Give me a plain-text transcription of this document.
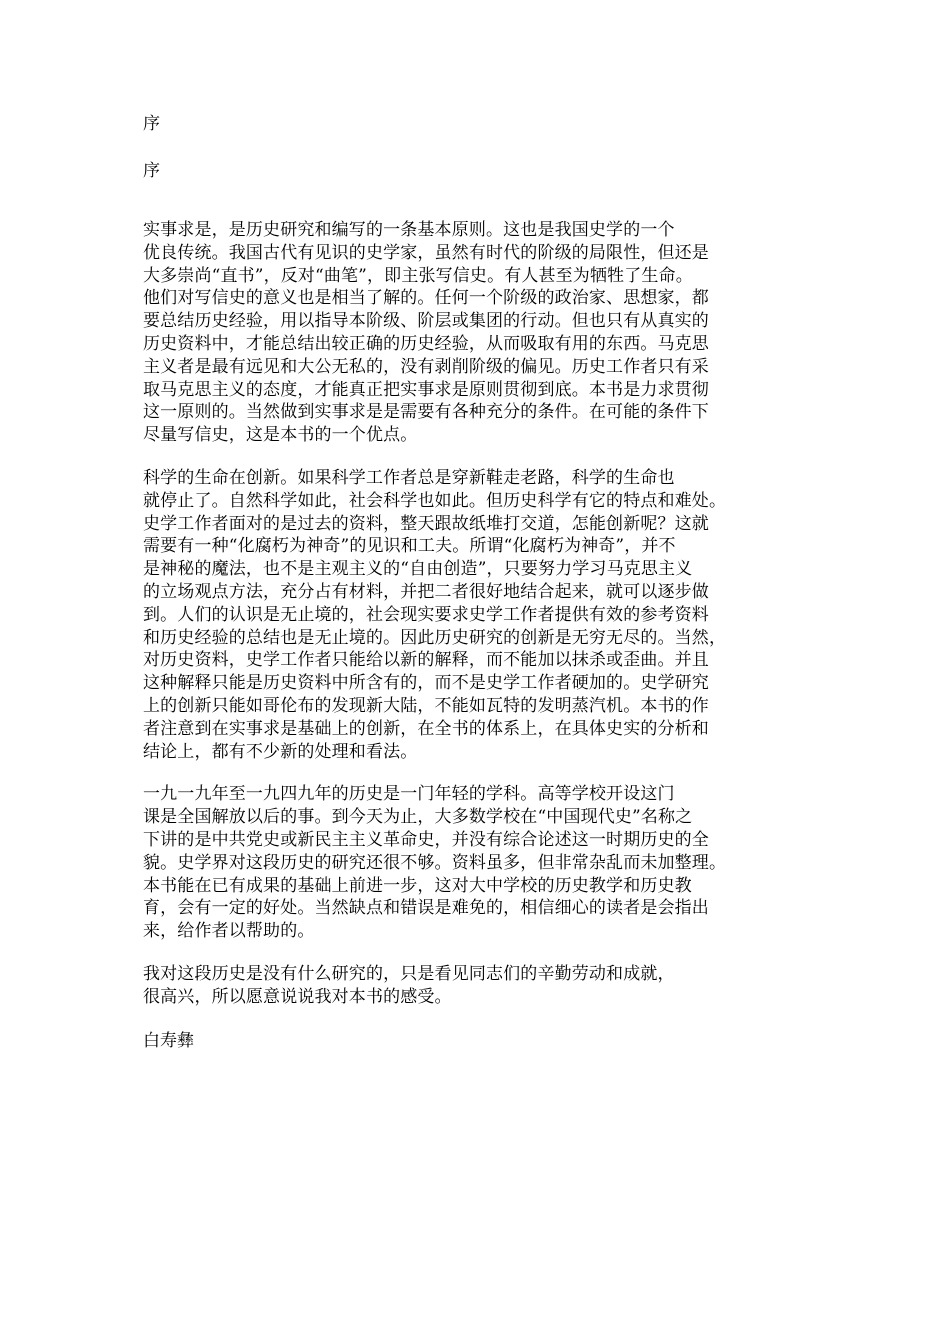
序
序
实事求是，是历史研究和编写的一条基本原则。这也是我国史学的一个
优良传统。我国古代有见识的史学家，虽然有时代的阶级的局限性，但还是
大多崇尚“直书”，反对“曲笔”，即主张写信史。有人甚至为牺牲了生命。
他们对写信史的意义也是相当了解的。任何一个阶级的政治家、思想家，都
要总结历史经验，用以指导本阶级、阶层或集团的行动。但也只有从真实的
历史资料中，才能总结出较正确的历史经验，从而吸取有用的东西。马克思
主义者是最有远见和大公无私的，没有剥削阶级的偏见。历史工作者只有采
取马克思主义的态度，才能真正把实事求是原则贯彻到底。本书是力求贯彻
这一原则的。当然做到实事求是是需要有各种充分的条件。在可能的条件下
尽量写信史，这是本书的一个优点。
科学的生命在创新。如果科学工作者总是穿新鞋走老路，科学的生命也
就停止了。自然科学如此，社会科学也如此。但历史科学有它的特点和难处。
史学工作者面对的是过去的资料，整天跟故纸堆打交道，怎能创新呢？这就
需要有一种“化腐朽为神奇”的见识和工夫。所谓“化腐朽为神奇”，并不
是神秘的魔法，也不是主观主义的“自由创造”，只要努力学习马克思主义
的立场观点方法，充分占有材料，并把二者很好地结合起来，就可以逐步做
到。人们的认识是无止境的，社会现实要求史学工作者提供有效的参考资料
和历史经验的总结也是无止境的。因此历史研究的创新是无穷无尽的。当然，
对历史资料，史学工作者只能给以新的解释，而不能加以抹杀或歪曲。并且
这种解释只能是历史资料中所含有的，而不是史学工作者硬加的。史学研究
上的创新只能如哥伦布的发现新大陆，不能如瓦特的发明蒸汽机。本书的作
者注意到在实事求是基础上的创新，在全书的体系上，在具体史实的分析和
结论上，都有不少新的处理和看法。
一九一九年至一九四九年的历史是一门年轻的学科。高等学校开设这门
课是全国解放以后的事。到今天为止，大多数学校在“中国现代史”名称之
下讲的是中共党史或新民主主义革命史，并没有综合论述这一时期历史的全
貌。史学界对这段历史的研究还很不够。资料虽多，但非常杂乱而未加整理。
本书能在已有成果的基础上前进一步，这对大中学校的历史教学和历史教
育，会有一定的好处。当然缺点和错误是难免的，相信细心的读者是会指出
来，给作者以帮助的。
我对这段历史是没有什么研究的，只是看见同志们的辛勤劳动和成就，
很高兴，所以愿意说说我对本书的感受。
白寿彝
